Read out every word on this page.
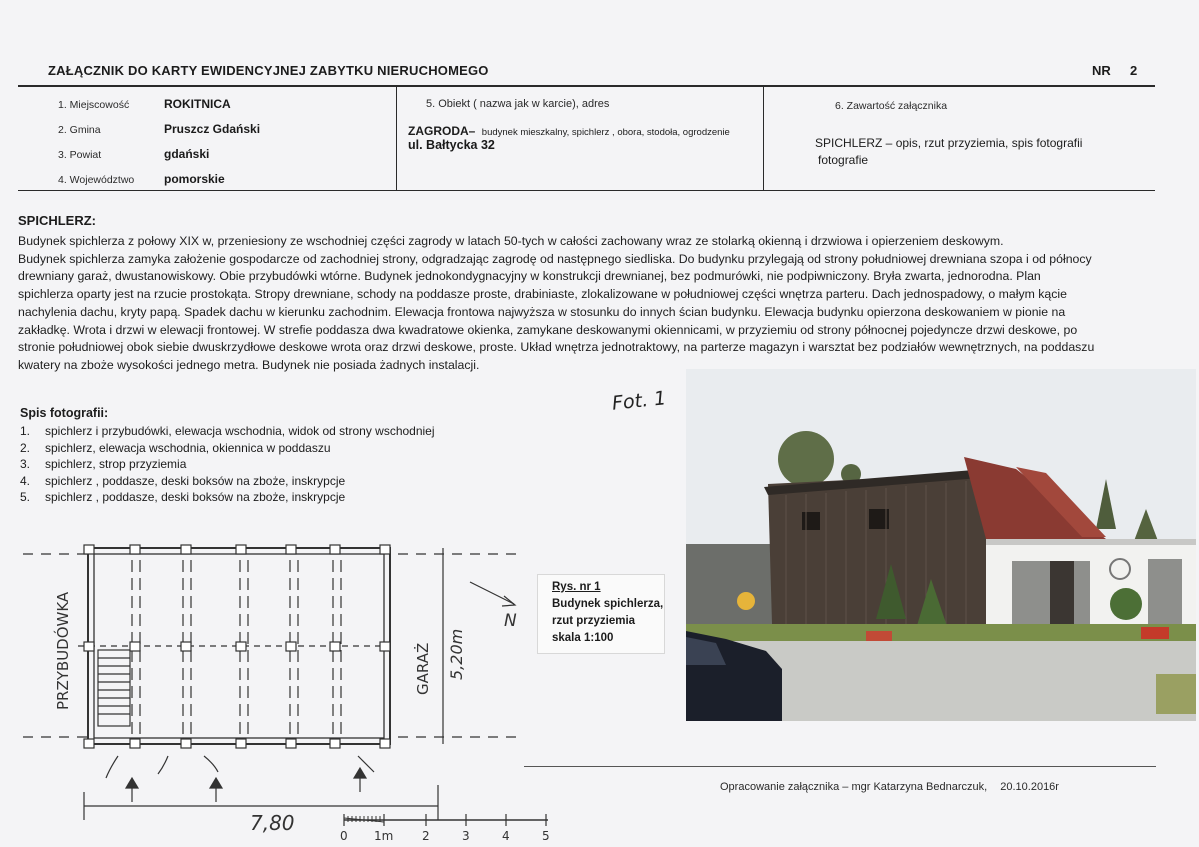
ZAŁĄCZNIK DO KARTY EWIDENCYJNEJ ZABYTKU NIERUCHOMEGO	NR 2
1. Miejscowość	ROKITNICA
2. Gmina	Pruszcz Gdański
3. Powiat	gdański
4. Województwo pomorskie
5. Obiekt ( nazwa jak w karcie), adres
ZAGRODA– budynek mieszkalny, spichlerz , obora, stodoła, ogrodzenie
ul. Bałtycka 32
6. Zawartość załącznika
SPICHLERZ – opis, rzut przyziemia, spis fotografii
fotografie
SPICHLERZ:

Budynek spichlerza z połowy XIX w, przeniesiony ze wschodniej części zagrody w latach 50-tych w całości zachowany wraz ze stolarką okienną i drzwiowa i opierzeniem deskowym.

Budynek spichlerza zamyka założenie gospodarcze od zachodniej strony, odgradzając zagrodę od następnego siedliska. Do budynku przylegają od strony południowej drewniana szopa i od północy

drewniany garaż, dwustanowiskowy. Obie przybudówki wtórne. Budynek jednokondygnacyjny w konstrukcji drewnianej, bez podmurówki, nie podpiwniczony. Bryła zwarta, jednorodna. Plan

spichlerza oparty jest na rzucie prostokąta. Stropy drewniane, schody na poddasze proste, drabiniaste, zlokalizowane w południowej części wnętrza parteru. Dach jednospadowy, o małym kącie

nachylenia dachu, kryty papą. Spadek dachu w kierunku zachodnim. Elewacja frontowa najwyższa w stosunku do innych ścian budynku. Elewacja budynku opierzona deskowaniem w pionie na

zakładkę. Wrota i drzwi w elewacji frontowej. W strefie poddasza dwa kwadratowe okienka, zamykane deskowanymi okiennicami, w przyziemiu od strony północnej pojedyncze drzwi deskowe, po

stronie południowej obok siebie dwuskrzydłowe deskowe wrota oraz drzwi deskowe, proste. Układ wnętrza jednotraktowy, na parterze magazyn i warsztat bez podziałów wewnętrznych, na poddaszu

kwatery na zboże wysokości jednego metra. Budynek nie posiada żadnych instalacji.

Spis fotografii:
1.	spichlerz i przybudówki, elewacja wschodnia, widok od strony wschodniej
2.	spichlerz, elewacja wschodnia, okiennica w poddaszu
3.	spichlerz, strop przyziemia
4.	spichlerz , poddasze, deski boksów na zboże, inskrypcje
5.	spichlerz , poddasze, deski boksów na zboże, inskrypcje
Fot. 1
PRZYBUDÓWKA	GARAŻ 5,20m
N
7,80
0 1m 2	3	4	5
Rys. nr 1
Budynek spichlerza,
rzut przyziemia
skala 1:100
Opracowanie załącznika – mgr Katarzyna Bednarczuk, 20.10.2016r
